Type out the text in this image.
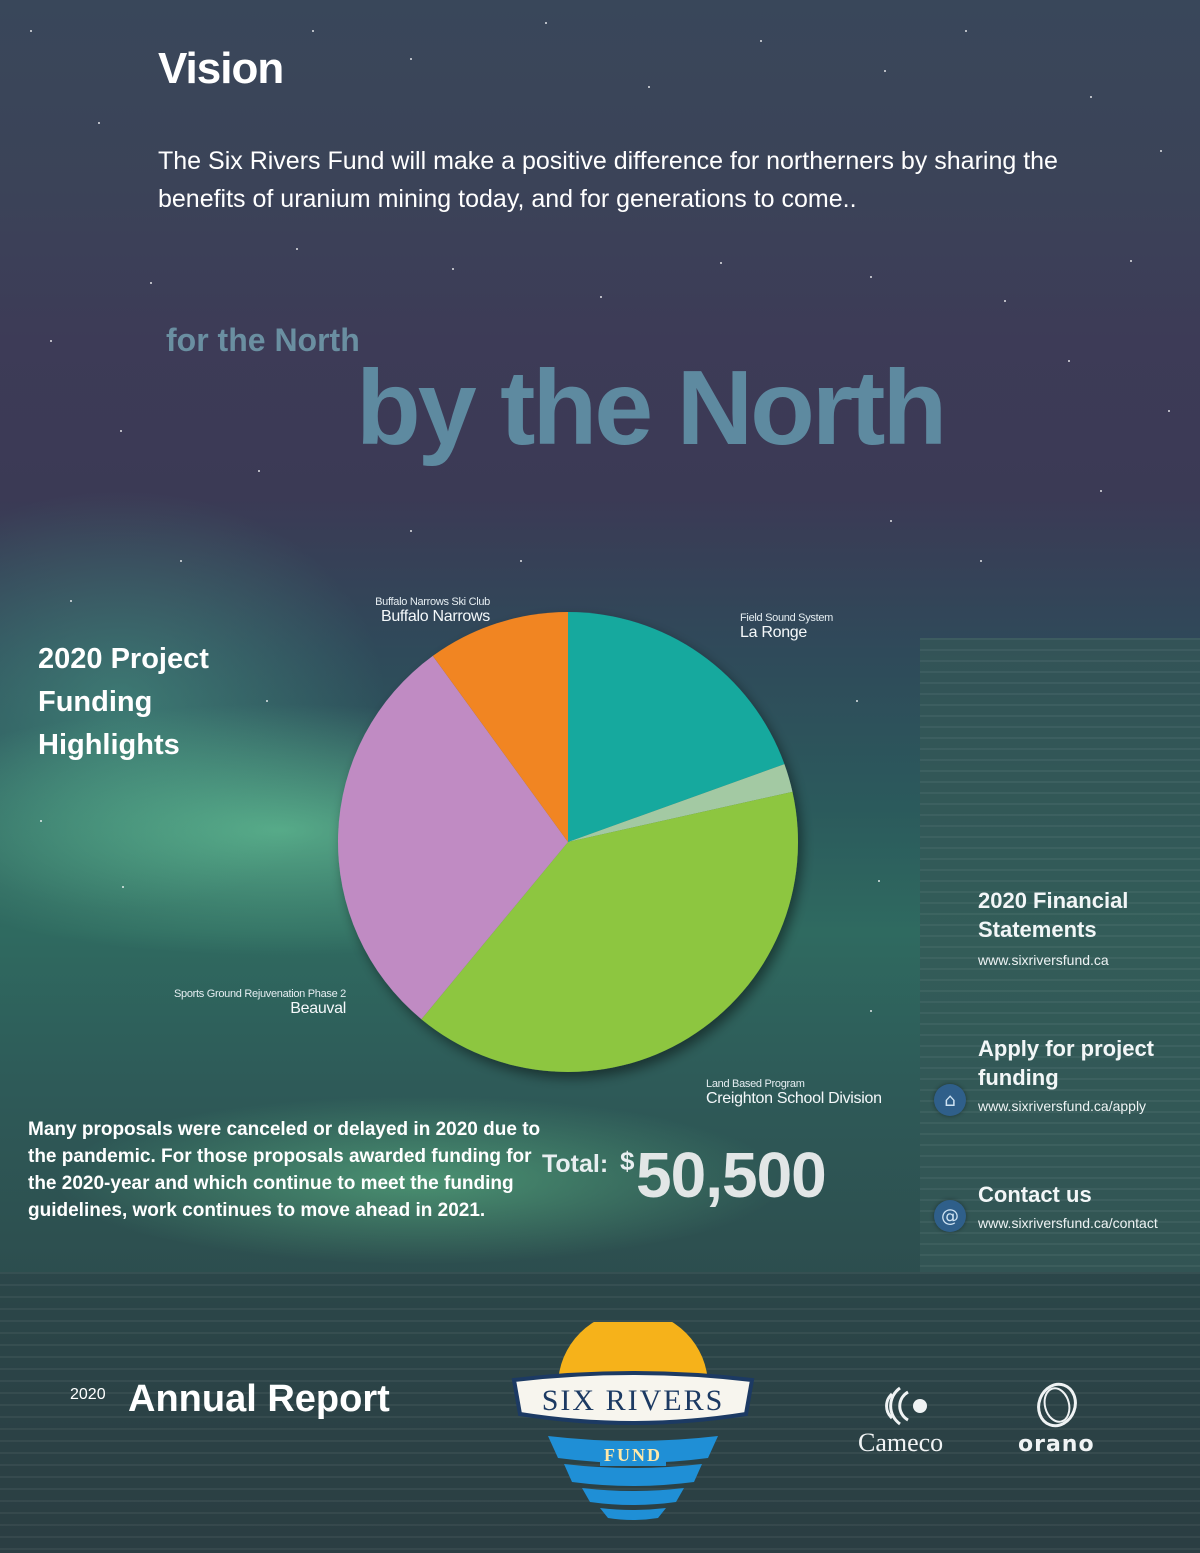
Vision
The Six Rivers Fund will make a positive difference for northerners by sharing the benefits of uranium mining today, and for generations to come..
for the North
by the North
2020 Project Funding Highlights
Buffalo Narrows Ski Club
Buffalo Narrows	Field Sound System
La Ronge
Sports Ground Rejuvenation Phase 2
Beauval
Land Based Program
Creighton School Division
Many proposals were canceled or delayed in 2020 due to the pandemic. For those proposals awarded funding for the 2020-year and which continue to meet the funding guidelines, work continues to move ahead in 2021.
Total: $ 50,500
2020 Financial Statements
www.sixriversfund.ca
⌂
Apply for project funding
www.sixriversfund.ca/apply
@
Contact us
www.sixriversfund.ca/contact
2020 Annual Report	SIX RIVERS
FUND	Cameco	orano
